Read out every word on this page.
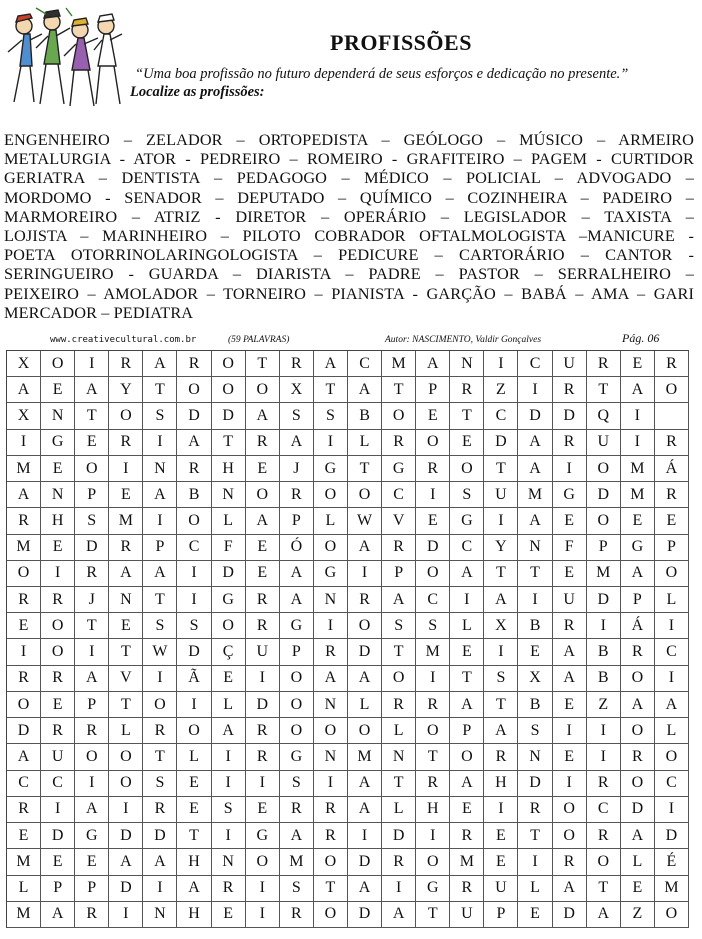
PROFISSÕES
“Uma boa profissão no futuro dependerá de seus esforços e dedicação no presente.”
Localize as profissões:
ENGENHEIRO – ZELADOR – ORTOPEDISTA – GEÓLOGO – MÚSICO – ARMEIRO
METALURGIA - ATOR - PEDREIRO – ROMEIRO - GRAFITEIRO – PAGEM - CURTIDOR
GERIATRA – DENTISTA – PEDAGOGO – MÉDICO – POLICIAL – ADVOGADO –
MORDOMO - SENADOR – DEPUTADO – QUÍMICO – COZINHEIRA – PADEIRO –
MARMOREIRO – ATRIZ - DIRETOR – OPERÁRIO – LEGISLADOR – TAXISTA –
LOJISTA – MARINHEIRO – PILOTO COBRADOR OFTALMOLOGISTA –MANICURE -
POETA OTORRINOLARINGOLOGISTA – PEDICURE – CARTORÁRIO – CANTOR -
SERINGUEIRO - GUARDA – DIARISTA – PADRE – PASTOR – SERRALHEIRO –
PEIXEIRO – AMOLADOR – TORNEIRO – PIANISTA - GARÇÃO – BABÁ – AMA – GARI
MERCADOR – PEDIATRA
www.creativecultural.com.br	(59 PALAVRAS)	Autor: NASCIMENTO, Valdir Gonçalves	Pág. 06
X	O	I	R	A	R	O	T	R	A	C	M	A	N	I	C	U	R	E	R
A	E	A	Y	T	O	O	O	X	T	A	T	P	R	Z	I	R	T	A	O
X	N	T	O	S	D	D	A	S	S	B	O	E	T	C	D	D	Q	I
I	G	E	R	I	A	T	R	A	I	L	R	O	E	D	A	R	U	I	R
M	E	O	I	N	R	H	E	J	G	T	G	R	O	T	A	I	O	M	Á
A	N	P	E	A	B	N	O	R	O	O	C	I	S	U	M	G	D	M	R
R	H	S	M	I	O	L	A	P	L	W	V	E	G	I	A	E	O	E	E
M	E	D	R	P	C	F	E	Ó	O	A	R	D	C	Y	N	F	P	G	P
O	I	R	A	A	I	D	E	A	G	I	P	O	A	T	T	E	M	A	O
R	R	J	N	T	I	G	R	A	N	R	A	C	I	A	I	U	D	P	L
E	O	T	E	S	S	O	R	G	I	O	S	S	L	X	B	R	I	Á	I
I	O	I	T	W	D	Ç	U	P	R	D	T	M	E	I	E	A	B	R	C
R	R	A	V	I	Ã	E	I	O	A	A	O	I	T	S	X	A	B	O	I
O	E	P	T	O	I	L	D	O	N	L	R	R	A	T	B	E	Z	A	A
D	R	R	L	R	O	A	R	O	O	O	L	O	P	A	S	I	I	O	L
A	U	O	O	T	L	I	R	G	N	M	N	T	O	R	N	E	I	R	O
C	C	I	O	S	E	I	I	S	I	A	T	R	A	H	D	I	R	O	C
R	I	A	I	R	E	S	E	R	R	A	L	H	E	I	R	O	C	D	I
E	D	G	D	D	T	I	G	A	R	I	D	I	R	E	T	O	R	A	D
M	E	E	A	A	H	N	O	M	O	D	R	O	M	E	I	R	O	L	É
L	P	P	D	I	A	R	I	S	T	A	I	G	R	U	L	A	T	E	M
M	A	R	I	N	H	E	I	R	O	D	A	T	U	P	E	D	A	Z	O
